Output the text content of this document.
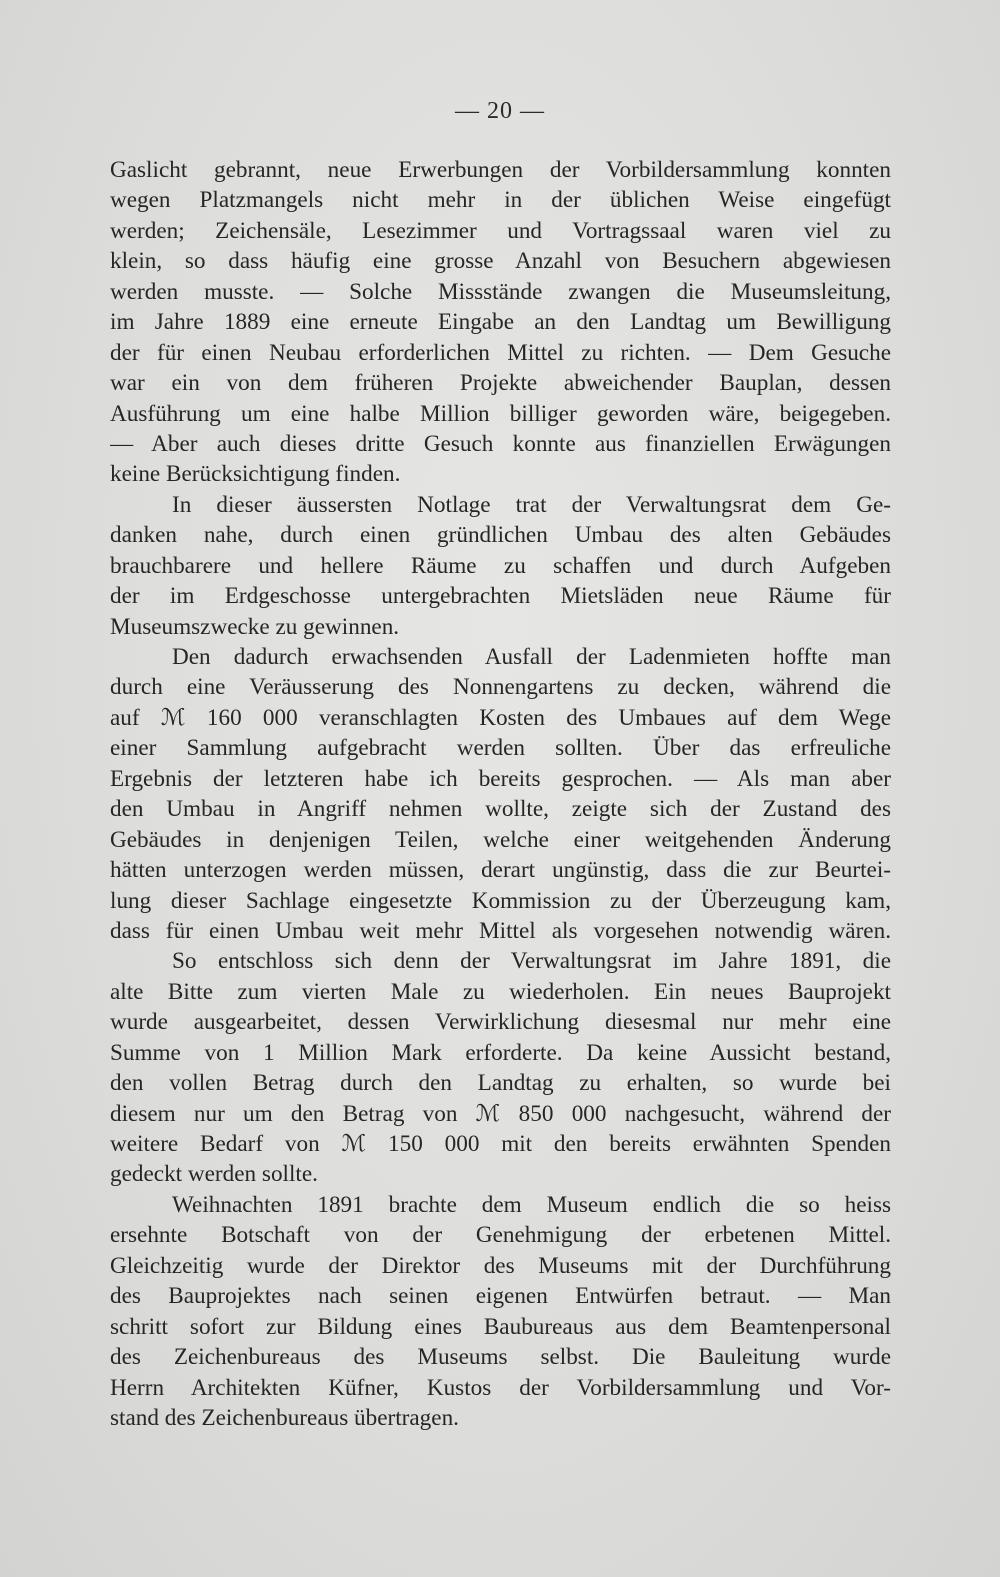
— 20 —
Gaslicht gebrannt, neue Erwerbungen der Vorbildersammlung konnten
wegen Platzmangels nicht mehr in der üblichen Weise eingefügt
werden; Zeichensäle, Lesezimmer und Vortragssaal waren viel zu
klein, so dass häufig eine grosse Anzahl von Besuchern abgewiesen
werden musste. — Solche Missstände zwangen die Museumsleitung,
im Jahre 1889 eine erneute Eingabe an den Landtag um Bewilligung
der für einen Neubau erforderlichen Mittel zu richten. — Dem Gesuche
war ein von dem früheren Projekte abweichender Bauplan, dessen
Ausführung um eine halbe Million billiger geworden wäre, beigegeben.
— Aber auch dieses dritte Gesuch konnte aus finanziellen Erwägungen
keine Berücksichtigung finden.
In dieser äussersten Notlage trat der Verwaltungsrat dem Ge-
danken nahe, durch einen gründlichen Umbau des alten Gebäudes
brauchbarere und hellere Räume zu schaffen und durch Aufgeben
der im Erdgeschosse untergebrachten Mietsläden neue Räume für
Museumszwecke zu gewinnen.
Den dadurch erwachsenden Ausfall der Ladenmieten hoffte man
durch eine Veräusserung des Nonnengartens zu decken, während die
auf ℳ 160 000 veranschlagten Kosten des Umbaues auf dem Wege
einer Sammlung aufgebracht werden sollten. Über das erfreuliche
Ergebnis der letzteren habe ich bereits gesprochen. — Als man aber
den Umbau in Angriff nehmen wollte, zeigte sich der Zustand des
Gebäudes in denjenigen Teilen, welche einer weitgehenden Änderung
hätten unterzogen werden müssen, derart ungünstig, dass die zur Beurtei-
lung dieser Sachlage eingesetzte Kommission zu der Überzeugung kam,
dass für einen Umbau weit mehr Mittel als vorgesehen notwendig wären.
So entschloss sich denn der Verwaltungsrat im Jahre 1891, die
alte Bitte zum vierten Male zu wiederholen. Ein neues Bauprojekt
wurde ausgearbeitet, dessen Verwirklichung diesesmal nur mehr eine
Summe von 1 Million Mark erforderte. Da keine Aussicht bestand,
den vollen Betrag durch den Landtag zu erhalten, so wurde bei
diesem nur um den Betrag von ℳ 850 000 nachgesucht, während der
weitere Bedarf von ℳ 150 000 mit den bereits erwähnten Spenden
gedeckt werden sollte.
Weihnachten 1891 brachte dem Museum endlich die so heiss
ersehnte Botschaft von der Genehmigung der erbetenen Mittel.
Gleichzeitig wurde der Direktor des Museums mit der Durchführung
des Bauprojektes nach seinen eigenen Entwürfen betraut. — Man
schritt sofort zur Bildung eines Baubureaus aus dem Beamtenpersonal
des Zeichenbureaus des Museums selbst. Die Bauleitung wurde
Herrn Architekten Küfner, Kustos der Vorbildersammlung und Vor-
stand des Zeichenbureaus übertragen.
